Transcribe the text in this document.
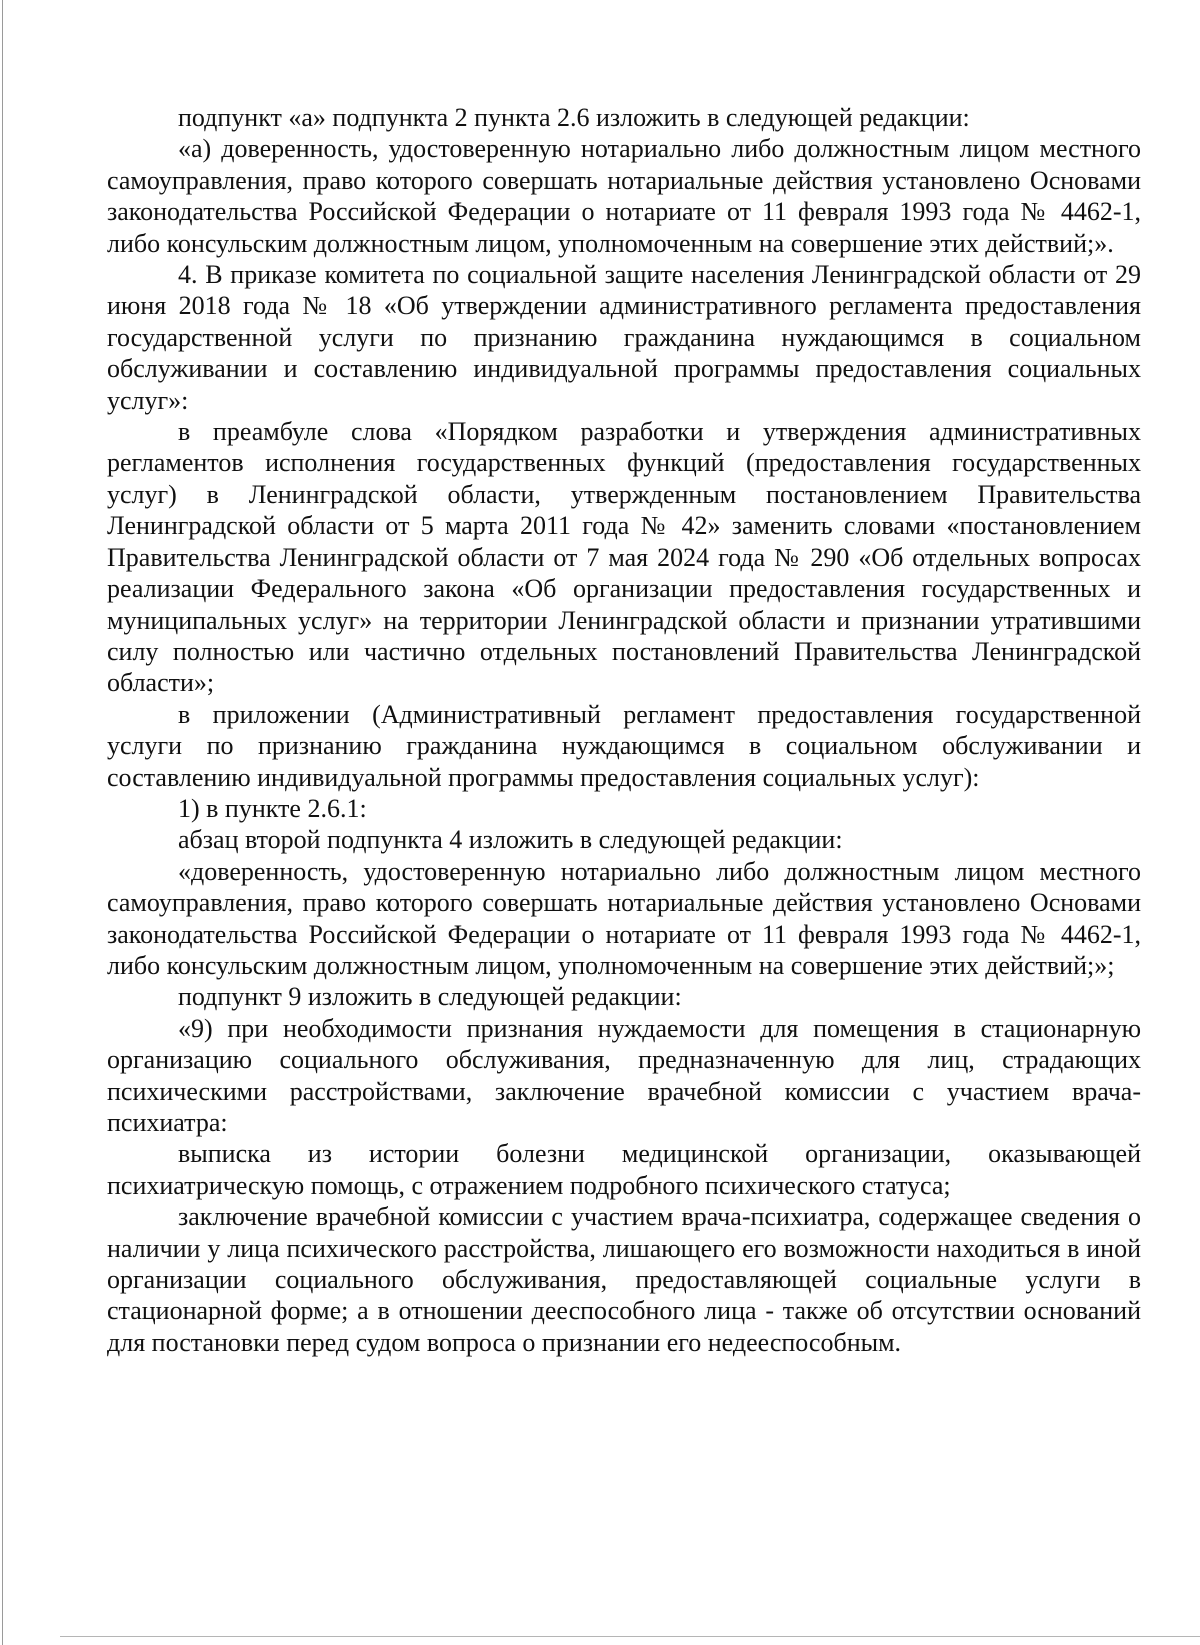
подпункт «а» подпункта 2 пункта 2.6 изложить в следующей редакции:

«а) доверенность, удостоверенную нотариально либо должностным лицом местного самоуправления, право которого совершать нотариальные действия установлено Основами законодательства Российской Федерации о нотариате от 11 февраля 1993 года № 4462-1, либо консульским должностным лицом, уполномоченным на совершение этих действий;».

4. В приказе комитета по социальной защите населения Ленинградской области от 29 июня 2018 года № 18 «Об утверждении административного регламента предоставления государственной услуги по признанию гражданина нуждающимся в социальном обслуживании и составлению индивидуальной программы предоставления социальных услуг»:

в преамбуле слова «Порядком разработки и утверждения административных регламентов исполнения государственных функций (предоставления государственных услуг) в Ленинградской области, утвержденным постановлением Правительства Ленинградской области от 5 марта 2011 года № 42» заменить словами «постановлением Правительства Ленинградской области от 7 мая 2024 года № 290 «Об отдельных вопросах реализации Федерального закона «Об организации предоставления государственных и муниципальных услуг» на территории Ленинградской области и признании утратившими силу полностью или частично отдельных постановлений Правительства Ленинградской области»;

в приложении (Административный регламент предоставления государственной услуги по признанию гражданина нуждающимся в социальном обслуживании и составлению индивидуальной программы предоставления социальных услуг):

1) в пункте 2.6.1:

абзац второй подпункта 4 изложить в следующей редакции:

«доверенность, удостоверенную нотариально либо должностным лицом местного самоуправления, право которого совершать нотариальные действия установлено Основами законодательства Российской Федерации о нотариате от 11 февраля 1993 года № 4462-1, либо консульским должностным лицом, уполномоченным на совершение этих действий;»;

подпункт 9 изложить в следующей редакции:

«9) при необходимости признания нуждаемости для помещения в стационарную организацию социального обслуживания, предназначенную для лиц, страдающих психическими расстройствами, заключение врачебной комиссии с участием врача-психиатра:

выписка из истории болезни медицинской организации, оказывающей психиатрическую помощь, с отражением подробного психического статуса;

заключение врачебной комиссии с участием врача-психиатра, содержащее сведения о наличии у лица психического расстройства, лишающего его возможности находиться в иной организации социального обслуживания, предоставляющей социальные услуги в стационарной форме; а в отношении дееспособного лица - также об отсутствии оснований для постановки перед судом вопроса о признании его недееспособным.
